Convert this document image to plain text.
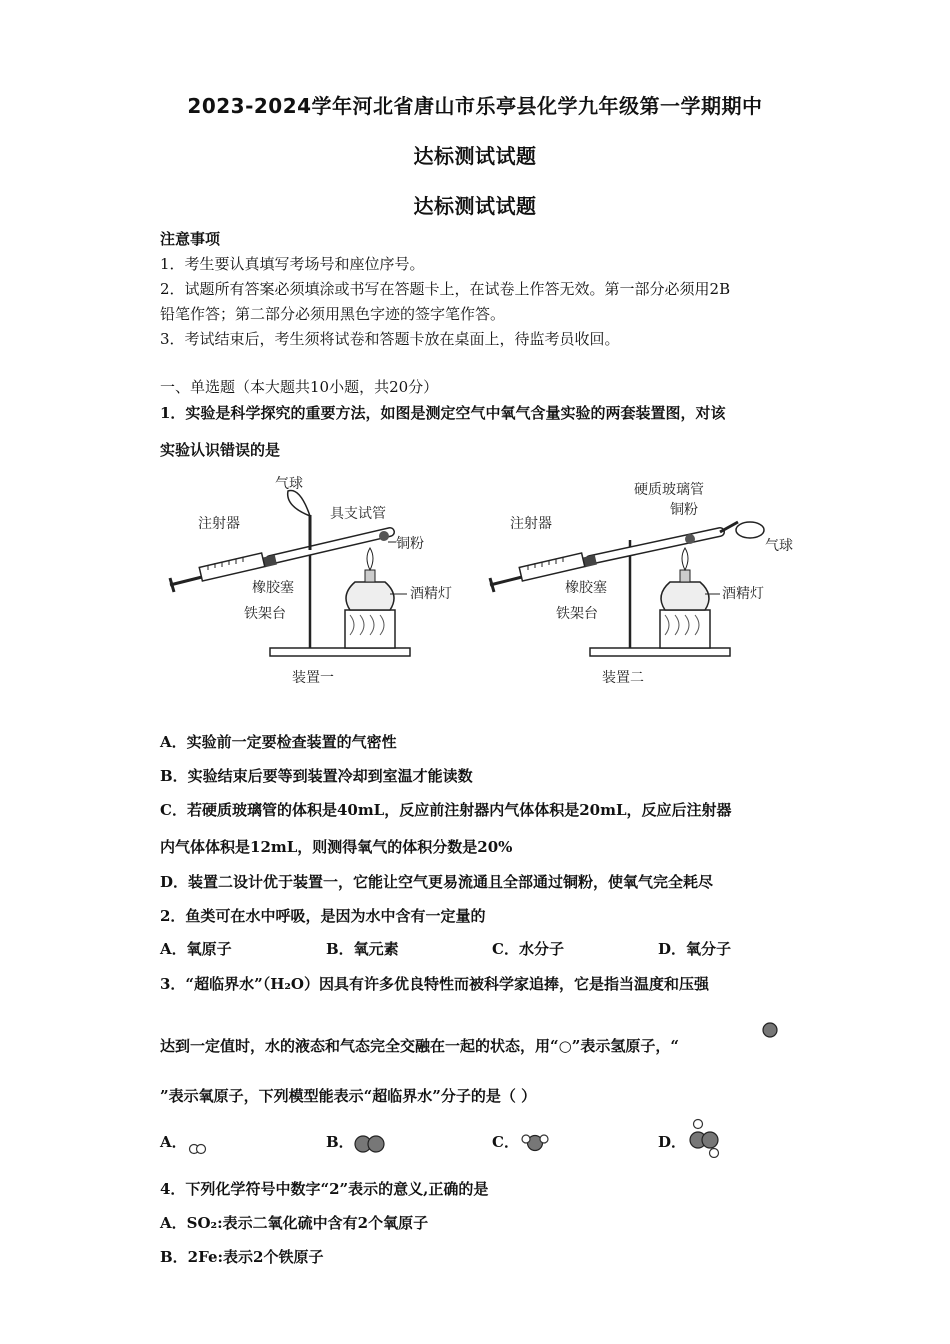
2023-2024学年河北省唐山市乐亭县化学九年级第一学期期中
达标测试试题
达标测试试题
注意事项
1．考生要认真填写考场号和座位序号。
2．试题所有答案必须填涂或书写在答题卡上，在试卷上作答无效。第一部分必须用2B
铅笔作答；第二部分必须用黑色字迹的签字笔作答。
3．考试结束后，考生须将试卷和答题卡放在桌面上，待监考员收回。
一、单选题（本大题共10小题，共20分）
1．实验是科学探究的重要方法，如图是测定空气中氧气含量实验的两套装置图，对该
实验认识错误的是
气球
具支试管
注射器
铜粉
橡胶塞	酒精灯
铁架台
装置一
硬质玻璃管
铜粉
注射器
气球
橡胶塞	酒精灯
铁架台
装置二
A．实验前一定要检查装置的气密性
B．实验结束后要等到装置冷却到室温才能读数
C．若硬质玻璃管的体积是40mL，反应前注射器内气体体积是20mL，反应后注射器
内气体体积是12mL，则测得氧气的体积分数是20%
D．装置二设计优于装置一，它能让空气更易流通且全部通过铜粉，使氧气完全耗尽
2．鱼类可在水中呼吸，是因为水中含有一定量的
A．氧原子	B．氧元素	C．水分子	D．氧分子
3．“超临界水”（H₂O）因具有许多优良特性而被科学家追捧，它是指当温度和压强
达到一定值时，水的液态和气态完全交融在一起的状态，用“○”表示氢原子，“
”表示氧原子，下列模型能表示“超临界水”分子的是（ ）
A．	B．	C．	D．
4．下列化学符号中数字“2”表示的意义,正确的是
A．SO₂:表示二氧化硫中含有2个氧原子
B．2Fe:表示2个铁原子
